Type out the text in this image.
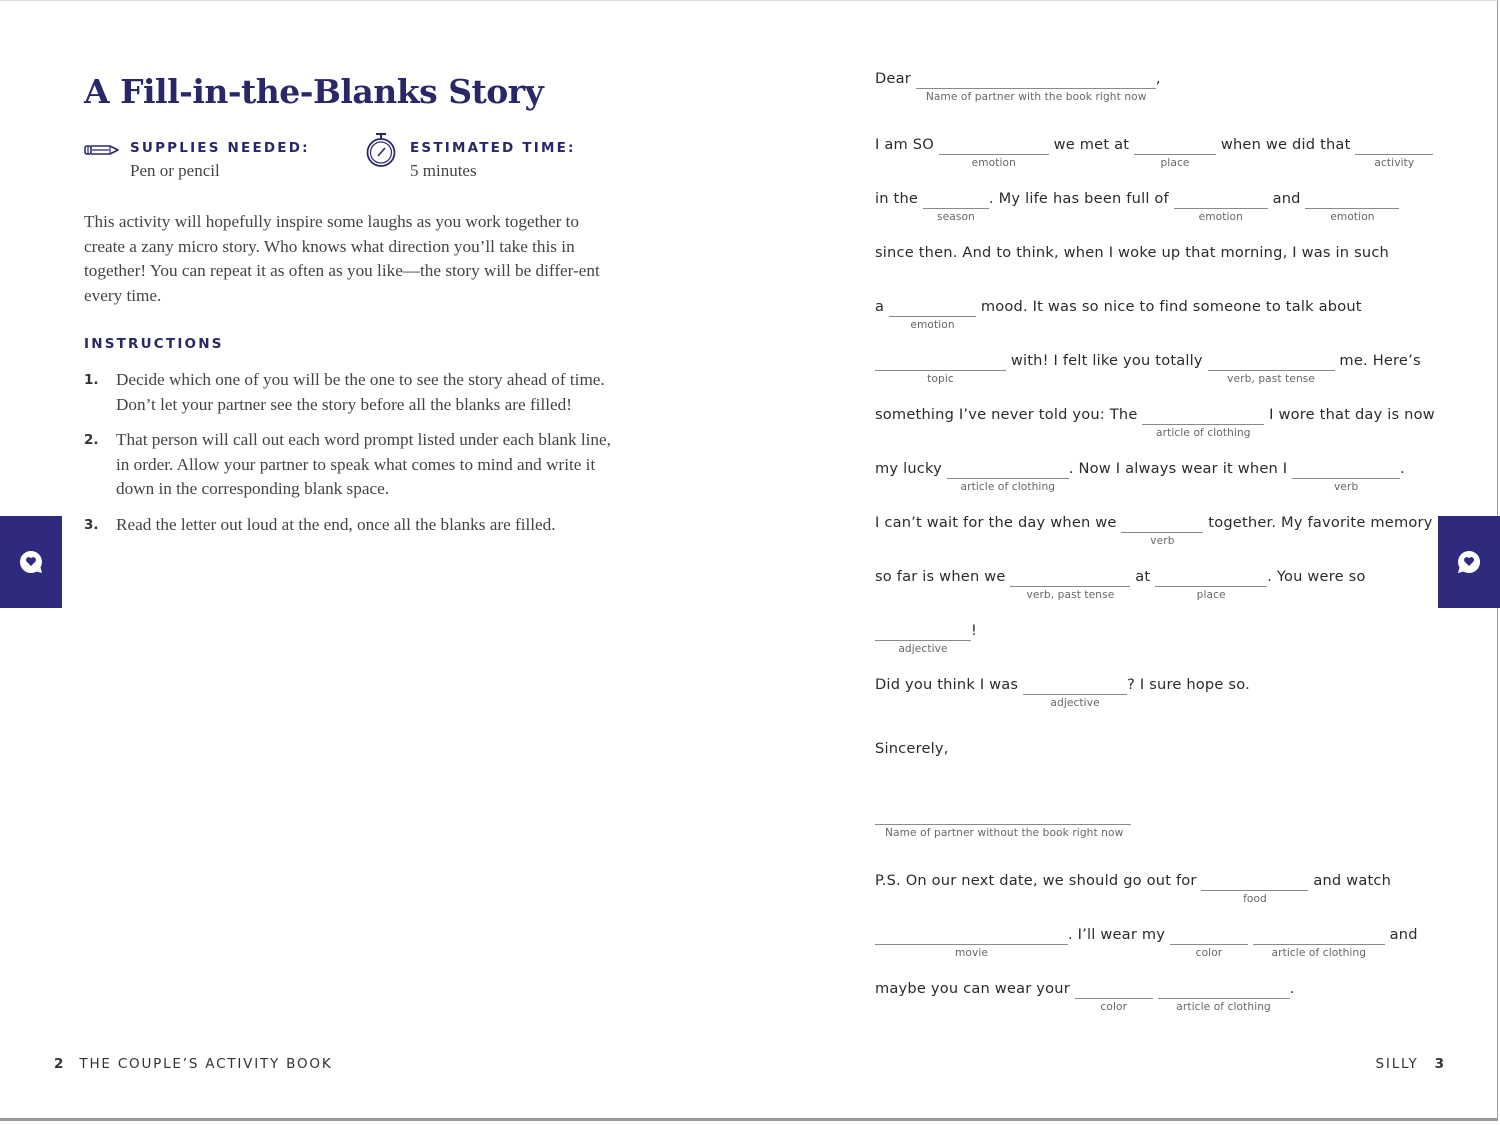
A Fill-in-the-Blanks Story
SUPPLIES NEEDED:
Pen or pencil
ESTIMATED TIME:
5 minutes

This activity will hopefully inspire some laughs as you work together to create a zany micro story. Who knows what direction you’ll take this in together! You can repeat it as often as you like—the story will be differ-ent every time.

INSTRUCTIONS
1. Decide which one of you will be the one to see the story ahead of time. Don’t let your partner see the story before all the blanks are filled!
2. That person will call out each word prompt listed under each blank line, in order. Allow your partner to speak what comes to mind and write it down in the corresponding blank space.
3. Read the letter out loud at the end, once all the blanks are filled.
Dear
Name of partner with the book right now
,
I am SO
emotion
we met at
place
when we did that
activity
in the
season
. My life has been full of
emotion
and
emotion
since then. And to think, when I woke up that morning, I was in such
a
emotion
mood. It was so nice to find someone to talk about
topic
with! I felt like you totally
verb, past tense
me. Here’s
something I’ve never told you: The
article of clothing
I wore that day is now
my lucky
article of clothing
. Now I always wear it when I
verb
.
I can’t wait for the day when we
verb
together. My favorite memory
so far is when we
verb, past tense
at
place
. You were so
adjective
!
Did you think I was
adjective
? I sure hope so.
Sincerely,
Name of partner without the book right now
P.S. On our next date, we should go out for
food
and watch
movie
. I’ll wear my
color
	article of clothing
and
maybe you can wear your
color
	article of clothing
.
2 THE COUPLE’S ACTIVITY BOOK	SILLY 3
